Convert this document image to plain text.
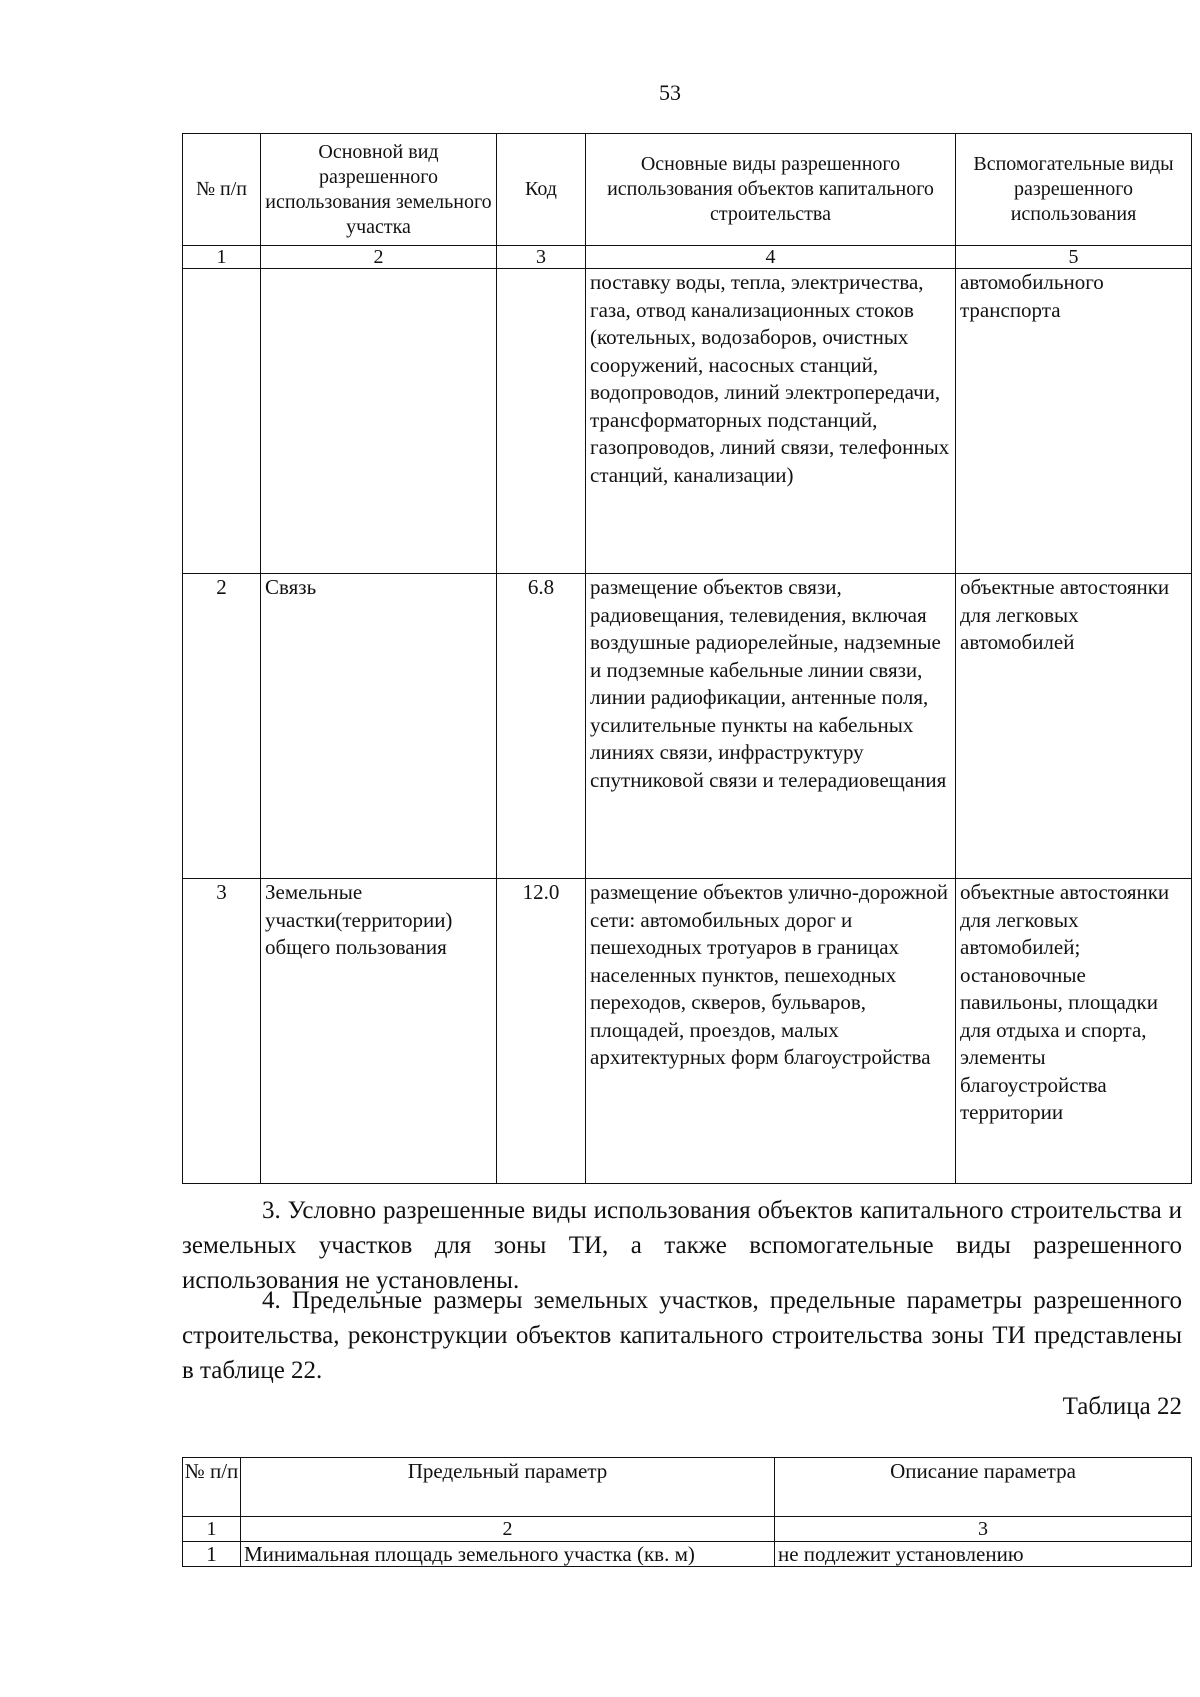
53
№ п/п	Основной вид разрешенного использования земельного участка	Код	Основные виды разрешенного использования объектов капитального строительства	Вспомогательные виды разрешенного использования
1	2	3	4	5
			поставку воды, тепла, электричества, газа, отвод канализационных стоков (котельных, водозаборов, очистных сооружений, насосных станций, водопроводов, линий электропередачи, трансформаторных подстанций, газопроводов, линий связи, телефонных станций, канализации)	автомобильного транспорта
2	Связь	6.8	размещение объектов связи, радиовещания, телевидения, включая воздушные радиорелейные, надземные и подземные кабельные линии связи, линии радиофикации, антенные поля, усилительные пункты на кабельных линиях связи, инфраструктуру спутниковой связи и телерадиовещания	объектные автостоянки для легковых автомобилей
3	Земельные участки(территории) общего пользования	12.0	размещение объектов улично-дорожной сети: автомобильных дорог и пешеходных тротуаров в границах населенных пунктов, пешеходных переходов, скверов, бульваров, площадей, проездов, малых архитектурных форм благоустройства	объектные автостоянки для легковых автомобилей; остановочные павильоны, площадки для отдыха и спорта, элементы благоустройства территории
3. Условно разрешенные виды использования объектов капитального строительства и земельных участков для зоны ТИ, а также вспомогательные виды разрешенного использования не установлены.
4. Предельные размеры земельных участков, предельные параметры разрешенного строительства, реконструкции объектов капитального строительства зоны ТИ представлены в таблице 22.
Таблица 22
№ п/п	Предельный параметр	Описание параметра
1	2	3
1	Минимальная площадь земельного участка (кв. м)	не подлежит установлению
